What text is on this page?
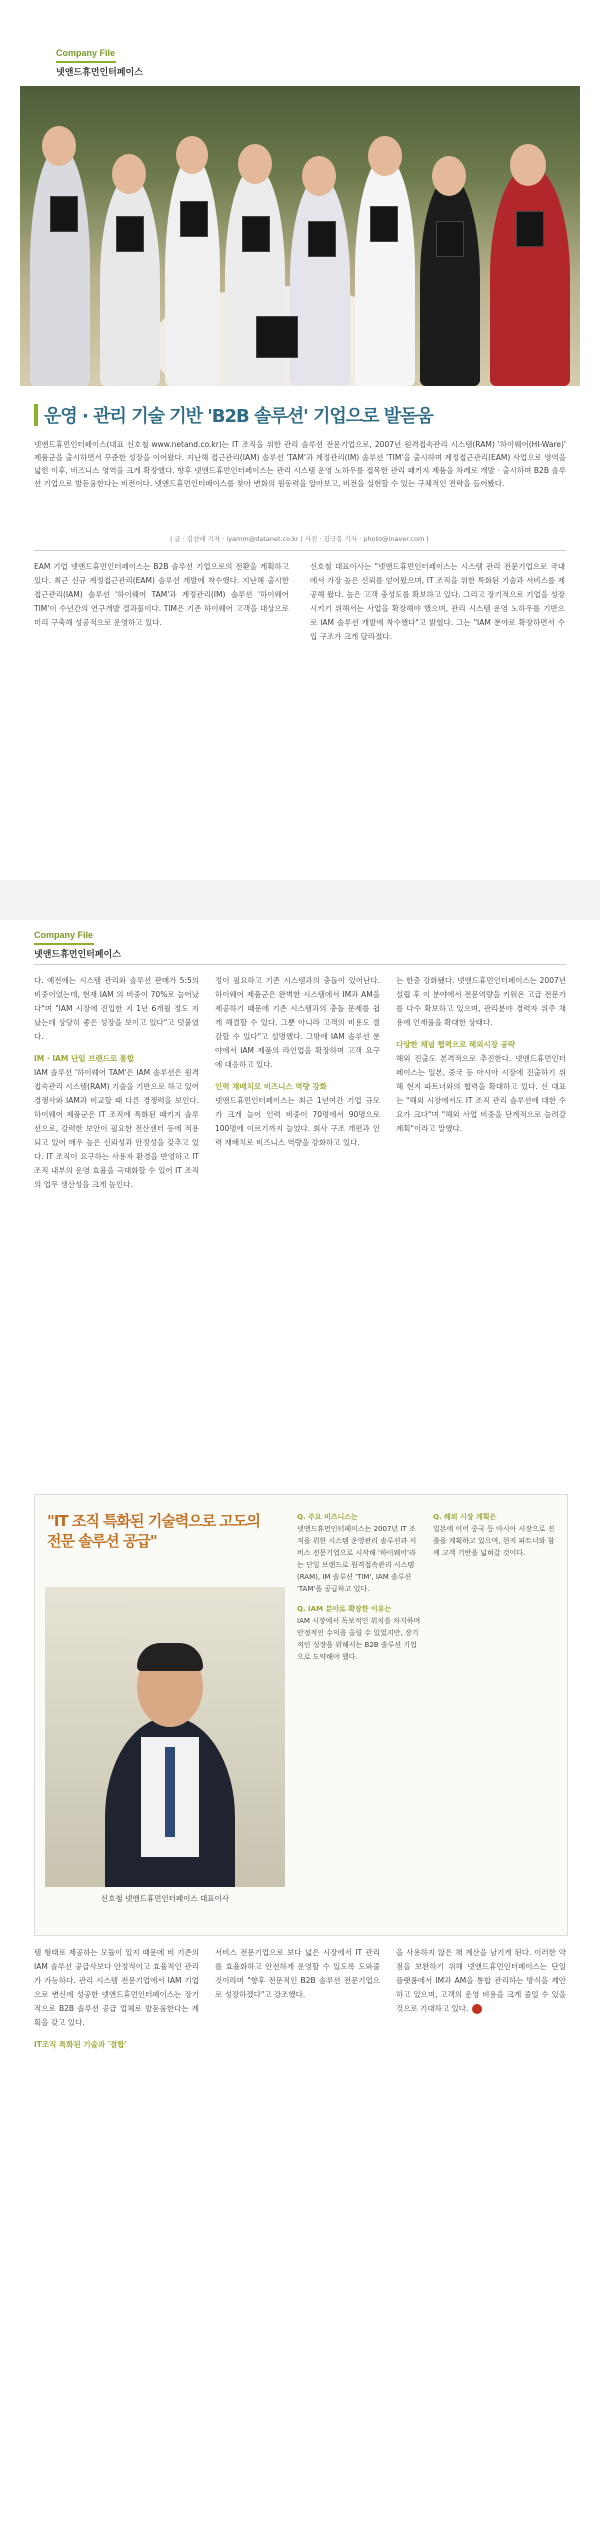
Company File
넷앤드휴먼인터페이스
운영 · 관리 기술 기반 'B2B 솔루션' 기업으로 발돋움
넷앤드휴먼인터페이스(대표 신호철 www.netand.co.kr)는 IT 조직을 위한 관리 솔루션 전문기업으로, 2007년 원격접속관리 시스템(RAM) '하이웨어(HI-Ware)' 제품군을 출시하면서 꾸준한 성장을 이어왔다. 지난해 접근관리(IAM) 솔루션 'TAM'과 계정관리(IM) 솔루션 'TIM'을 출시하며 계정접근관리(EAM) 사업으로 영역을 넓힌 이후, 비즈니스 영역을 크게 확장했다. 향후 넷앤드휴먼인터페이스는 관리 시스템 운영 노하우를 접목한 관리 패키지 제품을 차례로 개발 · 출시하며 B2B 솔루션 기업으로 발돋움한다는 비전이다. 넷앤드휴먼인터페이스를 찾아 변화의 원동력을 알아보고, 비전을 실현할 수 있는 구체적인 전략을 들어봤다.
| 글 · 김선애 기자 · iyamm@datanet.co.kr | 사진 · 김극봉 기자 · photo@inaver.com |
EAM 기업 넷앤드휴먼인터페이스는 B2B 솔루션 기업으로의 전환을 계획하고 있다. 최근 신규 계정접근관리(EAM) 솔루션 개발에 착수했다. 지난해 출시한 접근관리(IAM) 솔루션 '하이웨어 TAM'과 계정관리(IM) 솔루션 '하이웨어 TIM'이 수년간의 연구개발 결과물이다. TIM은 기존 하이웨어 고객을 대상으로 미리 구축해 성공적으로 운영하고 있다.
신호철 대표이사는 "넷앤드휴먼인터페이스는 시스템 관리 전문기업으로 국내에서 가장 높은 신뢰를 얻어왔으며, IT 조직을 위한 특화된 기술과 서비스를 제공해 왔다. 높은 고객 충성도를 확보하고 있다. 그리고 장기적으로 기업을 성장시키기 위해서는 사업을 확장해야 했으며, 관리 시스템 운영 노하우를 기반으로 IAM 솔루션 개발에 착수했다"고 밝혔다. 그는 "IAM 분야로 확장하면서 수입 구조가 크게 달라졌다.
Company File
넷앤드휴먼인터페이스
다. 예전에는 시스템 관리와 솔루션 판매가 5:5의 비중이었는데, 현재 IAM 의 비중이 70%로 늘어났다"며 "IAM 시장에 진입한 지 1년 6개월 정도 지났는데 상당히 좋은 성장을 보이고 있다"고 덧붙였다.
IM · IAM 단일 브랜드로 통합
IAM 솔루션 '하이웨어 TAM'은 IAM 솔루션은 원격접속관리 시스템(RAM) 기술을 기반으로 하고 있어 경쟁사와 IAM과 비교할 때 다른 경쟁력을 보인다. 하이웨어 제품군은 IT 조직에 특화된 패키지 솔루션으로, 강력한 보안이 필요한 전산센터 등에 적용되고 있어 매우 높은 신뢰성과 안정성을 갖추고 있다. IT 조직이 요구하는 사용자 환경을 반영하고 IT 조직 내부의 운영 효율을 극대화할 수 있어 IT 조직의 업무 생산성을 크게 높인다.
정이 필요하고 기존 시스템과의 충돌이 있어난다. 하이웨어 제품군은 완벽한 시스템에서 IM과 AM을 제공하기 때문에 기존 시스템과의 충돌 문제를 쉽게 해결할 수 있다. 그뿐 아니라 고객의 비용도 절감할 수 있다"고 설명했다. 그밖에 IAM 솔루션 분야에서 IAM 제품의 라인업을 확장하며 고객 요구에 대응하고 있다.
인력 재배치로 비즈니스 역량 강화
넷앤드휴먼인터페이스는 최근 1년여간 기업 규모가 크게 늘어 인력 비중이 70명에서 90명으로 100명에 이르기까지 늘었다. 회사 구조 개편과 인력 재배치로 비즈니스 역량을 강화하고 있다.
는 한층 강화됐다. 넷앤드휴먼인터페이스는 2007년 설립 후 이 분야에서 전문역량을 키워온 고급 전문가를 다수 확보하고 있으며, 관리분야 경력자 위주 채용에 인재풀을 확대한 상태다.
다양한 채널 협력으로 해외시장 공략
해외 진출도 본격적으로 추진한다. 넷앤드휴먼인터페이스는 일본, 중국 등 아시아 시장에 진출하기 위해 현지 파트너와의 협력을 확대하고 있다. 신 대표는 "해외 시장에서도 IT 조직 관리 솔루션에 대한 수요가 크다"며 "해외 사업 비중을 단계적으로 늘려갈 계획"이라고 말했다.
"IT 조직 특화된 기술력으로 고도의 전문 솔루션 공급"
신호철 넷앤드휴먼인터페이스 대표이사
Q. 주요 비즈니스는
넷앤드휴먼인터페이스는 2007년 IT 조직을 위한 시스템 운영관리 솔루션과 서비스 전문기업으로 시작해 '하이웨어'라는 단일 브랜드로 원격접속관리 시스템(RAM), IM 솔루션 'TIM', IAM 솔루션 'TAM'을 공급하고 있다.
Q. IAM 분야로 확장한 이유는
IAM 시장에서 독보적인 위치를 차지하며 안정적인 수익을 올릴 수 있었지만, 장기적인 성장을 위해서는 B2B 솔루션 기업으로 도약해야 했다.
Q. 해외 시장 계획은
일본에 이어 중국 등 아시아 시장으로 진출을 계획하고 있으며, 현지 파트너와 함께 고객 기반을 넓혀갈 것이다.
템 형태로 제공하는 모듈이 있지 때문에 비 기존의 IAM 솔루션 공급사보다 안정적이고 효율적인 관리가 가능하다. 관리 시스템 전문기업에서 IAM 기업으로 변신에 성공한 넷앤드휴먼인터페이스는 장기적으로 B2B 솔루션 공급 업체로 발돋움한다는 계획을 갖고 있다.
IT조직 특화된 기술과 '결합'
서비스 전문기업으로 보다 넓은 시장에서 IT 관리를 효율화하고 안전하게 운영할 수 있도록 도와줄 것이라며 "향후 전문적인 B2B 솔루션 전문기업으로 성장하겠다"고 강조했다.
을 사용하지 않은 채 계산을 남기게 된다. 이러한 약점을 보완하기 위해 넷앤드휴먼인터페이스는 단일 플랫폼에서 IM과 AM을 통합 관리하는 방식을 제안하고 있으며, 고객의 운영 비용을 크게 줄일 수 있을 것으로 기대하고 있다.
